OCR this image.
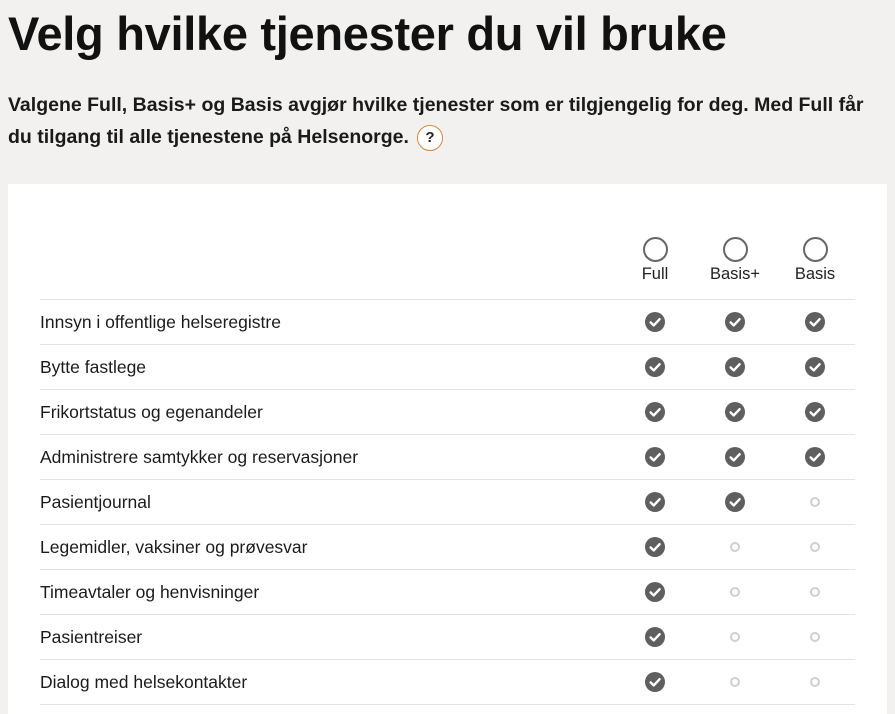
Velg hvilke tjenester du vil bruke

Valgene Full, Basis+ og Basis avgjør hvilke tjenester som er tilgjengelig for deg. Med Full får du tilgang til alle tjenestene på Helsenorge. ?

Full	Basis+	Basis
Innsyn i offentlige helseregistre
Bytte fastlege
Frikortstatus og egenandeler
Administrere samtykker og reservasjoner
Pasientjournal
Legemidler, vaksiner og prøvesvar
Timeavtaler og henvisninger
Pasientreiser
Dialog med helsekontakter
